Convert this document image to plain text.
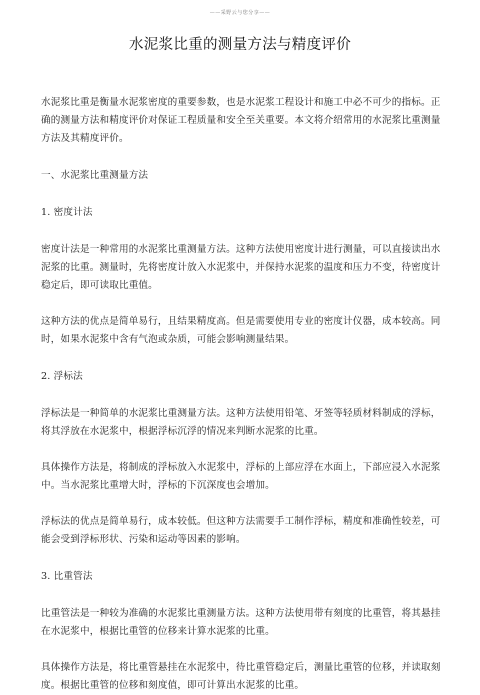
——采野云与您分享——
水泥浆比重的测量方法与精度评价

水泥浆比重是衡量水泥浆密度的重要参数，也是水泥浆工程设计和施工中必不可少的指标。正确的测量方法和精度评价对保证工程质量和安全至关重要。本文将介绍常用的水泥浆比重测量方法及其精度评价。

一、水泥浆比重测量方法

1. 密度计法

密度计法是一种常用的水泥浆比重测量方法。这种方法使用密度计进行测量，可以直接读出水泥浆的比重。测量时，先将密度计放入水泥浆中，并保持水泥浆的温度和压力不变，待密度计稳定后，即可读取比重值。

这种方法的优点是简单易行，且结果精度高。但是需要使用专业的密度计仪器，成本较高。同时，如果水泥浆中含有气泡或杂质，可能会影响测量结果。

2. 浮标法

浮标法是一种简单的水泥浆比重测量方法。这种方法使用铅笔、牙签等轻质材料制成的浮标，将其浮放在水泥浆中，根据浮标沉浮的情况来判断水泥浆的比重。

具体操作方法是，将制成的浮标放入水泥浆中，浮标的上部应浮在水面上，下部应浸入水泥浆中。当水泥浆比重增大时，浮标的下沉深度也会增加。

浮标法的优点是简单易行，成本较低。但这种方法需要手工制作浮标，精度和准确性较差，可能会受到浮标形状、污染和运动等因素的影响。

3. 比重管法

比重管法是一种较为准确的水泥浆比重测量方法。这种方法使用带有刻度的比重管，将其悬挂在水泥浆中，根据比重管的位移来计算水泥浆的比重。

具体操作方法是，将比重管悬挂在水泥浆中，待比重管稳定后，测量比重管的位移，并读取刻度。根据比重管的位移和刻度值，即可计算出水泥浆的比重。
